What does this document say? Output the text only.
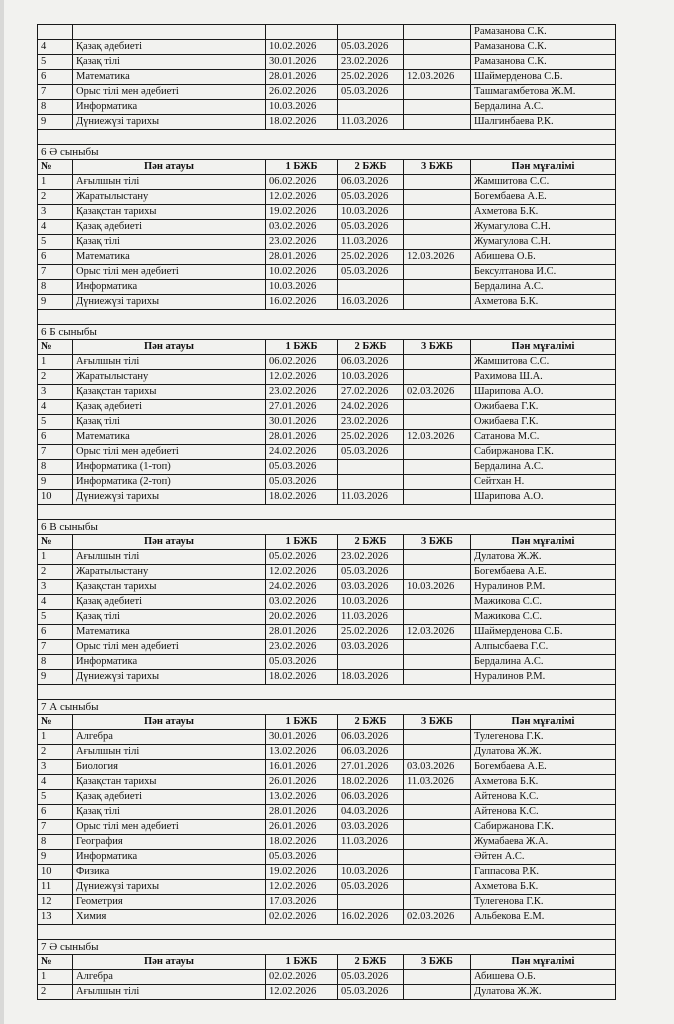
					Рамазанова С.К.
4	Қазақ әдебиеті	10.02.2026	05.03.2026		Рамазанова С.К.
5	Қазақ тілі	30.01.2026	23.02.2026		Рамазанова С.К.
6	Математика	28.01.2026	25.02.2026	12.03.2026	Шаймерденова С.Б.
7	Орыс тілі мен әдебиеті	26.02.2026	05.03.2026		Ташмагамбетова Ж.М.
8	Информатика	10.03.2026			Бердалина А.С.
9	Дүниежүзі тарихы	18.02.2026	11.03.2026		Шалгинбаева Р.К.

6 Ә сыныбы					
№	Пән атауы	1 БЖБ	2 БЖБ	3 БЖБ	Пән мұғалімі
1	Ағылшын тілі	06.02.2026	06.03.2026		Жамшитова С.С.
2	Жаратылыстану	12.02.2026	05.03.2026		Богембаева А.Е.
3	Қазақстан тарихы	19.02.2026	10.03.2026		Ахметова Б.К.
4	Қазақ әдебиеті	03.02.2026	05.03.2026		Жумагулова С.Н.
5	Қазақ тілі	23.02.2026	11.03.2026		Жумагулова С.Н.
6	Математика	28.01.2026	25.02.2026	12.03.2026	Абишева О.Б.
7	Орыс тілі мен әдебиеті	10.02.2026	05.03.2026		Бексултанова И.С.
8	Информатика	10.03.2026			Бердалина А.С.
9	Дүниежүзі тарихы	16.02.2026	16.03.2026		Ахметова Б.К.

6 Б сыныбы					
№	Пән атауы	1 БЖБ	2 БЖБ	3 БЖБ	Пән мұғалімі
1	Ағылшын тілі	06.02.2026	06.03.2026		Жамшитова С.С.
2	Жаратылыстану	12.02.2026	10.03.2026		Рахимова Ш.А.
3	Қазақстан тарихы	23.02.2026	27.02.2026	02.03.2026	Шарипова А.О.
4	Қазақ әдебиеті	27.01.2026	24.02.2026		Ожибаева Г.К.
5	Қазақ тілі	30.01.2026	23.02.2026		Ожибаева Г.К.
6	Математика	28.01.2026	25.02.2026	12.03.2026	Сатанова М.С.
7	Орыс тілі мен әдебиеті	24.02.2026	05.03.2026		Сабиржанова Г.К.
8	Информатика (1-топ)	05.03.2026			Бердалина А.С.
9	Информатика (2-топ)	05.03.2026			Сейтхан Н.
10	Дүниежүзі тарихы	18.02.2026	11.03.2026		Шарипова А.О.

6 В сыныбы					
№	Пән атауы	1 БЖБ	2 БЖБ	3 БЖБ	Пән мұғалімі
1	Ағылшын тілі	05.02.2026	23.02.2026		Дулатова Ж.Ж.
2	Жаратылыстану	12.02.2026	05.03.2026		Богембаева А.Е.
3	Қазақстан тарихы	24.02.2026	03.03.2026	10.03.2026	Нуралинов Р.М.
4	Қазақ әдебиеті	03.02.2026	10.03.2026		Мажикова С.С.
5	Қазақ тілі	20.02.2026	11.03.2026		Мажикова С.С.
6	Математика	28.01.2026	25.02.2026	12.03.2026	Шаймерденова С.Б.
7	Орыс тілі мен әдебиеті	23.02.2026	03.03.2026		Алпысбаева Г.С.
8	Информатика	05.03.2026			Бердалина А.С.
9	Дүниежүзі тарихы	18.02.2026	18.03.2026		Нуралинов Р.М.

7 А сыныбы					
№	Пән атауы	1 БЖБ	2 БЖБ	3 БЖБ	Пән мұғалімі
1	Алгебра	30.01.2026	06.03.2026		Тулегенова Г.К.
2	Ағылшын тілі	13.02.2026	06.03.2026		Дулатова Ж.Ж.
3	Биология	16.01.2026	27.01.2026	03.03.2026	Богембаева А.Е.
4	Қазақстан тарихы	26.01.2026	18.02.2026	11.03.2026	Ахметова Б.К.
5	Қазақ әдебиеті	13.02.2026	06.03.2026		Айтенова К.С.
6	Қазақ тілі	28.01.2026	04.03.2026		Айтенова К.С.
7	Орыс тілі мен әдебиеті	26.01.2026	03.03.2026		Сабиржанова Г.К.
8	География	18.02.2026	11.03.2026		Жумабаева Ж.А.
9	Информатика	05.03.2026			Әйтен А.С.
10	Физика	19.02.2026	10.03.2026		Гаппасова Р.К.
11	Дүниежүзі тарихы	12.02.2026	05.03.2026		Ахметова Б.К.
12	Геометрия	17.03.2026			Тулегенова Г.К.
13	Химия	02.02.2026	16.02.2026	02.03.2026	Альбекова Е.М.

7 Ә сыныбы					
№	Пән атауы	1 БЖБ	2 БЖБ	3 БЖБ	Пән мұғалімі
1	Алгебра	02.02.2026	05.03.2026		Абишева О.Б.
2	Ағылшын тілі	12.02.2026	05.03.2026		Дулатова Ж.Ж.
